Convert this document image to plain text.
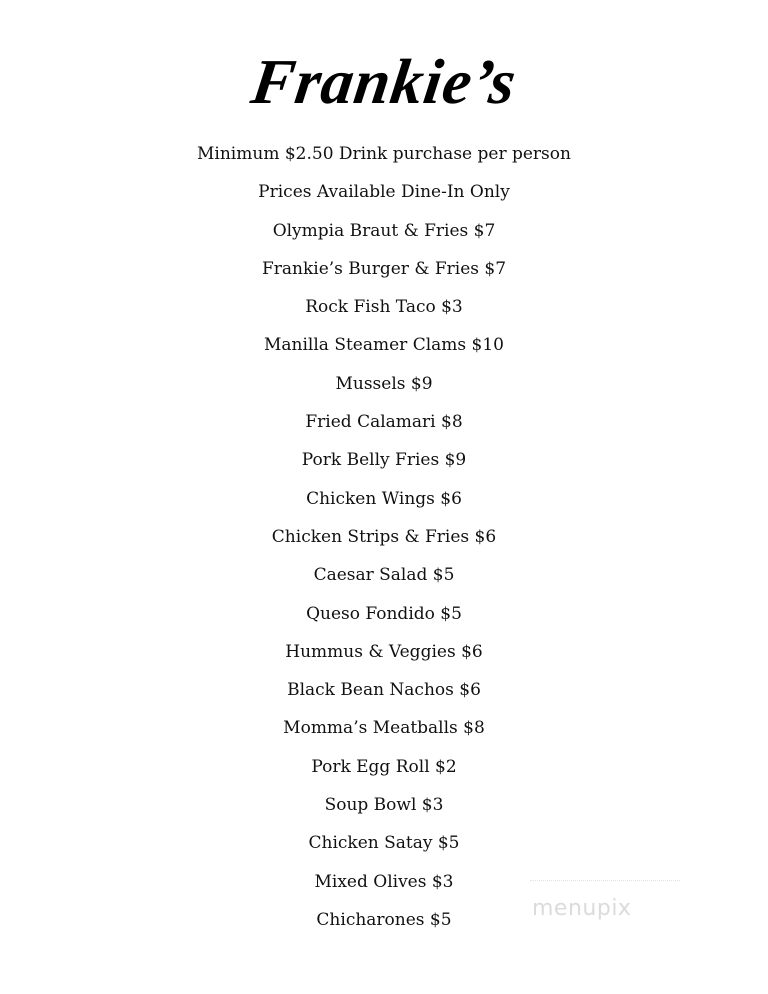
Frankie’s
Minimum $2.50 Drink purchase per person
Prices Available Dine-In Only
Olympia Braut & Fries $7
Frankie’s Burger & Fries $7
Rock Fish Taco $3
Manilla Steamer Clams $10
Mussels $9
Fried Calamari $8
Pork Belly Fries $9
Chicken Wings $6
Chicken Strips & Fries $6
Caesar Salad $5
Queso Fondido $5
Hummus & Veggies $6
Black Bean Nachos $6
Momma’s Meatballs $8
Pork Egg Roll $2
Soup Bowl $3
Chicken Satay $5
Mixed Olives $3
Chicharones $5	menupix
